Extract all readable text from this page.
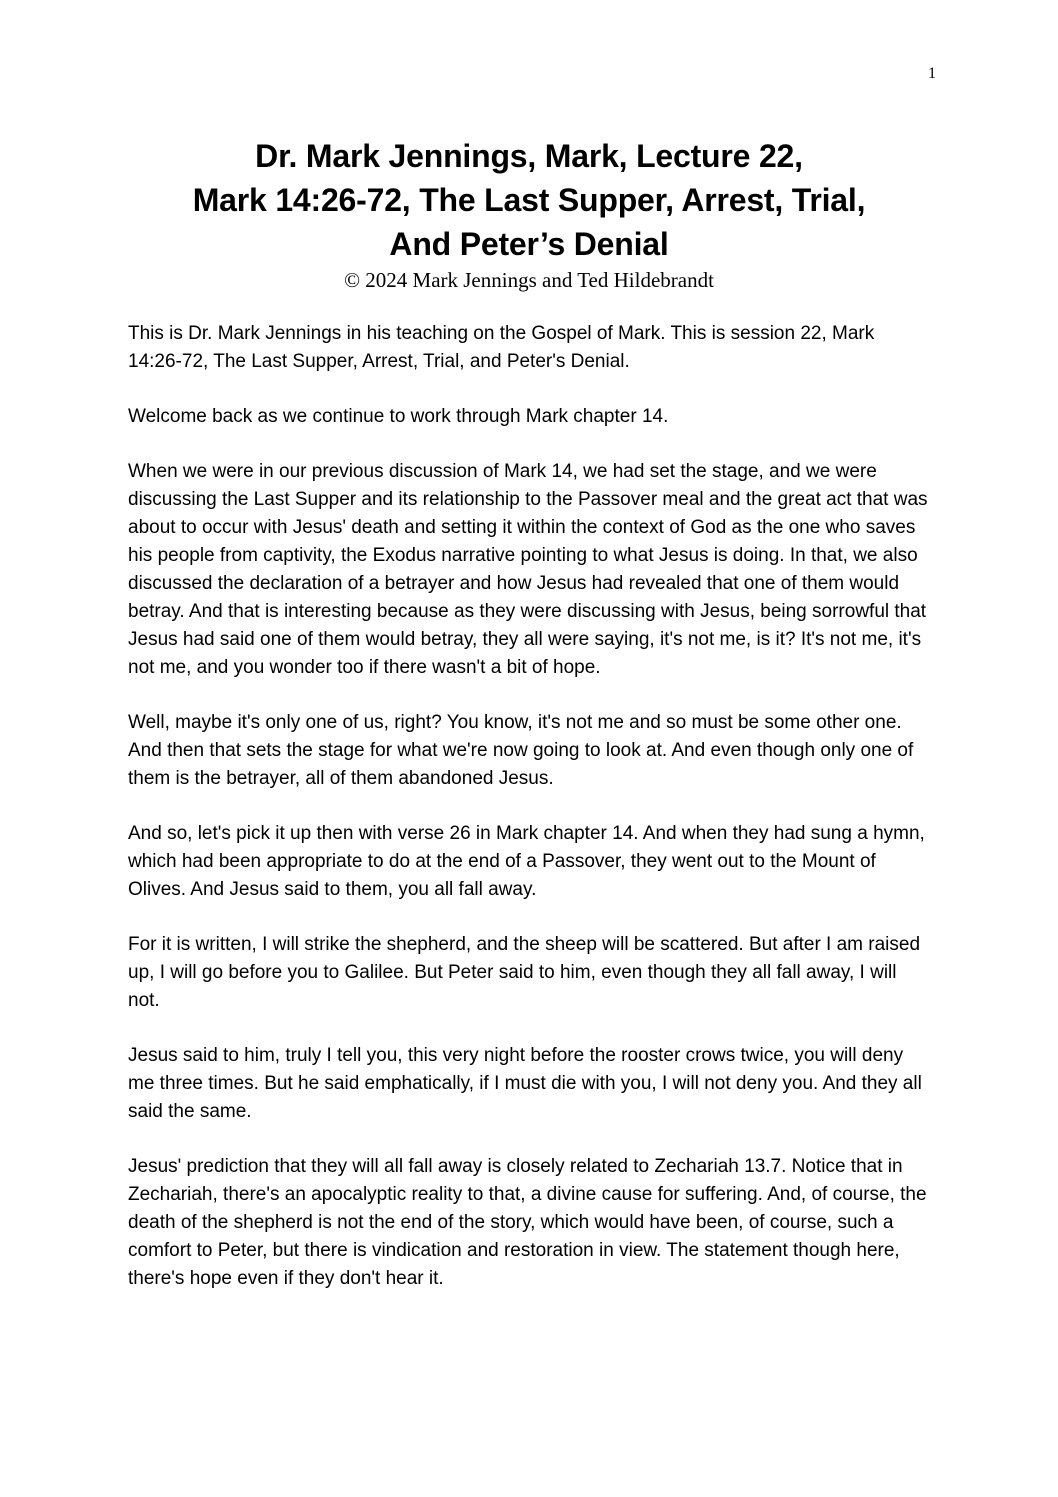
1
Dr. Mark Jennings, Mark, Lecture 22,
Mark 14:26-72, The Last Supper, Arrest, Trial,
And Peter’s Denial
© 2024 Mark Jennings and Ted Hildebrandt

This is Dr. Mark Jennings in his teaching on the Gospel of Mark. This is session 22, Mark 14:26-72, The Last Supper, Arrest, Trial, and Peter's Denial.

Welcome back as we continue to work through Mark chapter 14.

When we were in our previous discussion of Mark 14, we had set the stage, and we were discussing the Last Supper and its relationship to the Passover meal and the great act that was about to occur with Jesus' death and setting it within the context of God as the one who saves his people from captivity, the Exodus narrative pointing to what Jesus is doing. In that, we also discussed the declaration of a betrayer and how Jesus had revealed that one of them would betray. And that is interesting because as they were discussing with Jesus, being sorrowful that Jesus had said one of them would betray, they all were saying, it's not me, is it? It's not me, it's not me, and you wonder too if there wasn't a bit of hope.

Well, maybe it's only one of us, right? You know, it's not me and so must be some other one. And then that sets the stage for what we're now going to look at. And even though only one of them is the betrayer, all of them abandoned Jesus.

And so, let's pick it up then with verse 26 in Mark chapter 14. And when they had sung a hymn, which had been appropriate to do at the end of a Passover, they went out to the Mount of Olives. And Jesus said to them, you all fall away.

For it is written, I will strike the shepherd, and the sheep will be scattered. But after I am raised up, I will go before you to Galilee. But Peter said to him, even though they all fall away, I will not.

Jesus said to him, truly I tell you, this very night before the rooster crows twice, you will deny me three times. But he said emphatically, if I must die with you, I will not deny you. And they all said the same.

Jesus' prediction that they will all fall away is closely related to Zechariah 13.7. Notice that in Zechariah, there's an apocalyptic reality to that, a divine cause for suffering. And, of course, the death of the shepherd is not the end of the story, which would have been, of course, such a comfort to Peter, but there is vindication and restoration in view. The statement though here, there's hope even if they don't hear it.
